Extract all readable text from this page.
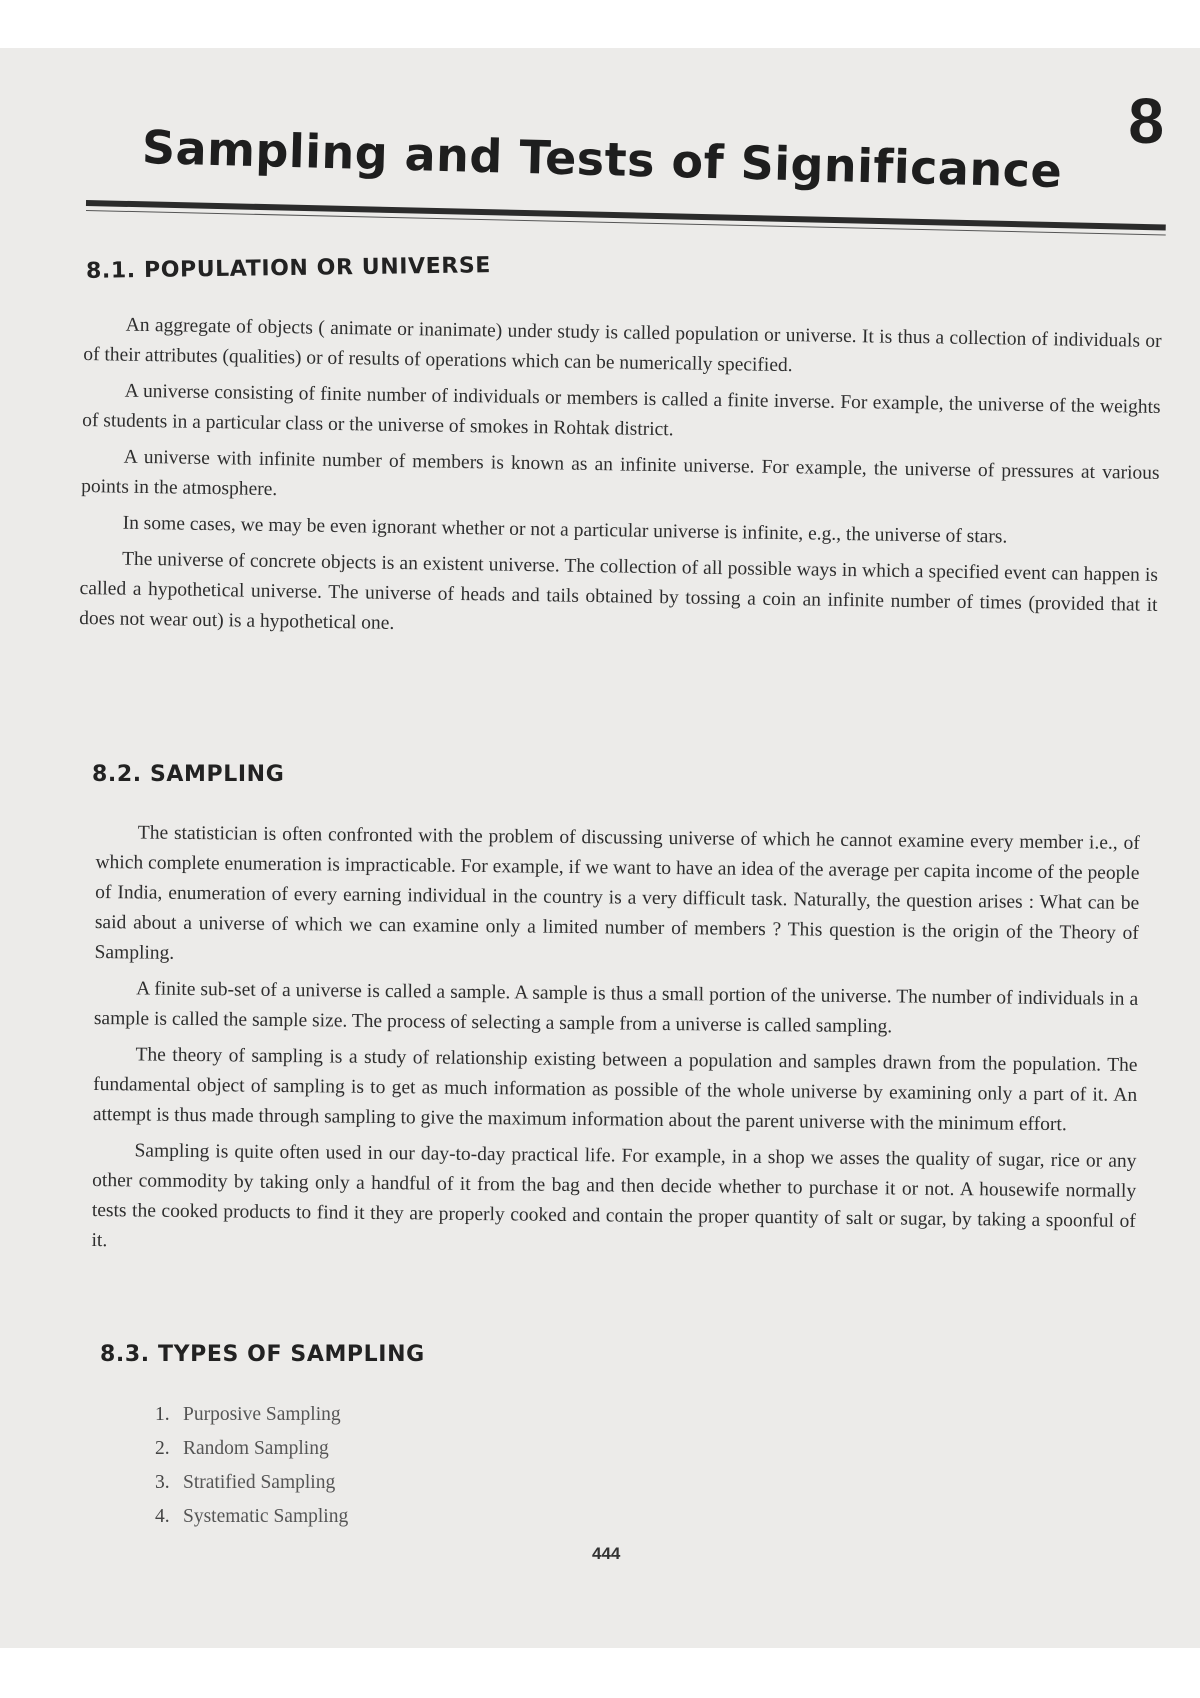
8
Sampling and Tests of Significance
8.1. POPULATION OR UNIVERSE

An aggregate of objects ( animate or inanimate) under study is called population or universe. It is thus a collection of individuals or of their attributes (qualities) or of results of operations which can be numerically specified.

A universe consisting of finite number of individuals or members is called a finite inverse. For example, the universe of the weights of students in a particular class or the universe of smokes in Rohtak district.

A universe with infinite number of members is known as an infinite universe. For example, the universe of pressures at various points in the atmosphere.

In some cases, we may be even ignorant whether or not a particular universe is infinite, e.g., the universe of stars.

The universe of concrete objects is an existent universe. The collection of all possible ways in which a specified event can happen is called a hypothetical universe. The universe of heads and tails obtained by tossing a coin an infinite number of times (provided that it does not wear out) is a hypothetical one.

8.2. SAMPLING

The statistician is often confronted with the problem of discussing universe of which he cannot examine every member i.e., of which complete enumeration is impracticable. For example, if we want to have an idea of the average per capita income of the people of India, enumeration of every earning individual in the country is a very difficult task. Naturally, the question arises : What can be said about a universe of which we can examine only a limited number of members ? This question is the origin of the Theory of Sampling.

A finite sub-set of a universe is called a sample. A sample is thus a small portion of the universe. The number of individuals in a sample is called the sample size. The process of selecting a sample from a universe is called sampling.

The theory of sampling is a study of relationship existing between a population and samples drawn from the population. The fundamental object of sampling is to get as much information as possible of the whole universe by examining only a part of it. An attempt is thus made through sampling to give the maximum information about the parent universe with the minimum effort.

Sampling is quite often used in our day-to-day practical life. For example, in a shop we asses the quality of sugar, rice or any other commodity by taking only a handful of it from the bag and then decide whether to purchase it or not. A housewife normally tests the cooked products to find it they are properly cooked and contain the proper quantity of salt or sugar, by taking a spoonful of it.

8.3. TYPES OF SAMPLING
1. Purposive Sampling
2. Random Sampling
3. Stratified Sampling
4. Systematic Sampling
444
